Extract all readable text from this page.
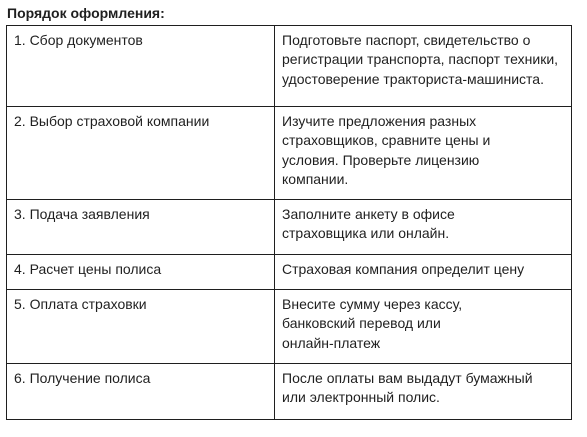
Порядок оформления:
1. Сбор документов	Подготовьте паспорт, свидетельство о регистрации транспорта, паспорт техники, удостоверение тракториста-машиниста.

2. Выбор страховой компании	Изучите предложения разных страховщиков, сравните цены и условия. Проверьте лицензию компании.

3. Подача заявления	Заполните анкету в офисе страховщика или онлайн.

4. Расчет цены полиса	Страховая компания определит цену

5. Оплата страховки	Внесите сумму через кассу, банковский перевод или онлайн-платеж

6. Получение полиса	После оплаты вам выдадут бумажный или электронный полис.
